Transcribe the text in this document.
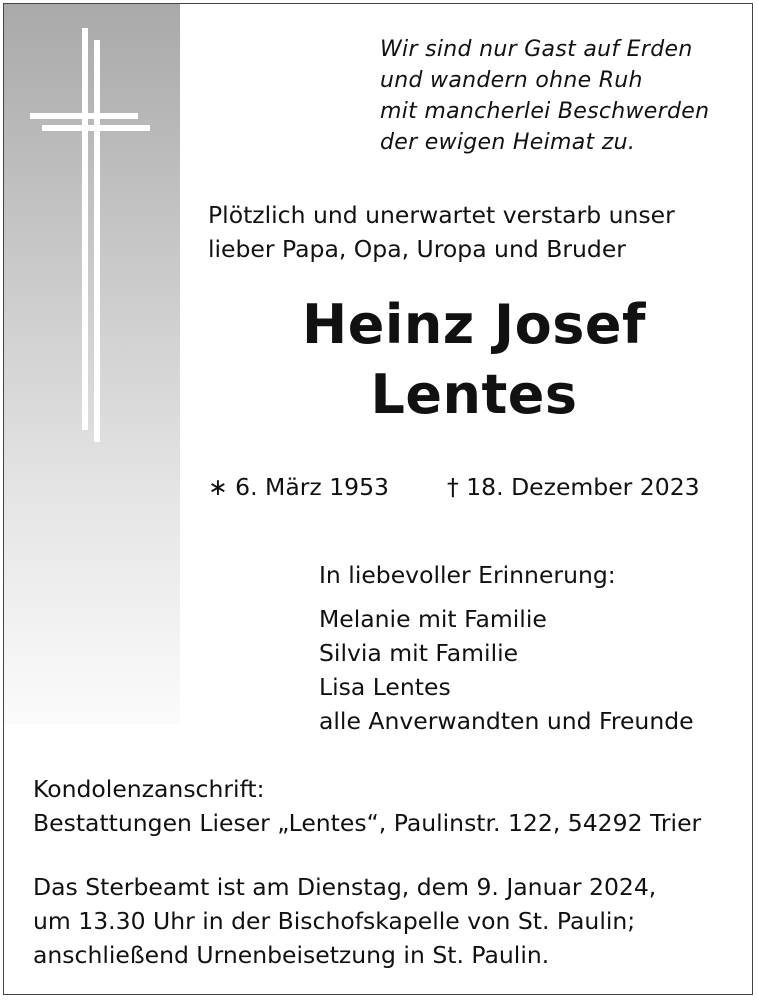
Wir sind nur Gast auf Erden
und wandern ohne Ruh
mit mancherlei Beschwerden
der ewigen Heimat zu.
Plötzlich und unerwartet verstarb unser
lieber Papa, Opa, Uropa und Bruder
Heinz Josef
Lentes
∗ 6. März 1953 † 18. Dezember 2023
In liebevoller Erinnerung:
Melanie mit Familie
Silvia mit Familie
Lisa Lentes
alle Anverwandten und Freunde
Kondolenzanschrift:
Bestattungen Lieser „Lentes“, Paulinstr. 122, 54292 Trier
Das Sterbeamt ist am Dienstag, dem 9. Januar 2024,
um 13.30 Uhr in der Bischofskapelle von St. Paulin;
anschließend Urnenbeisetzung in St. Paulin.
